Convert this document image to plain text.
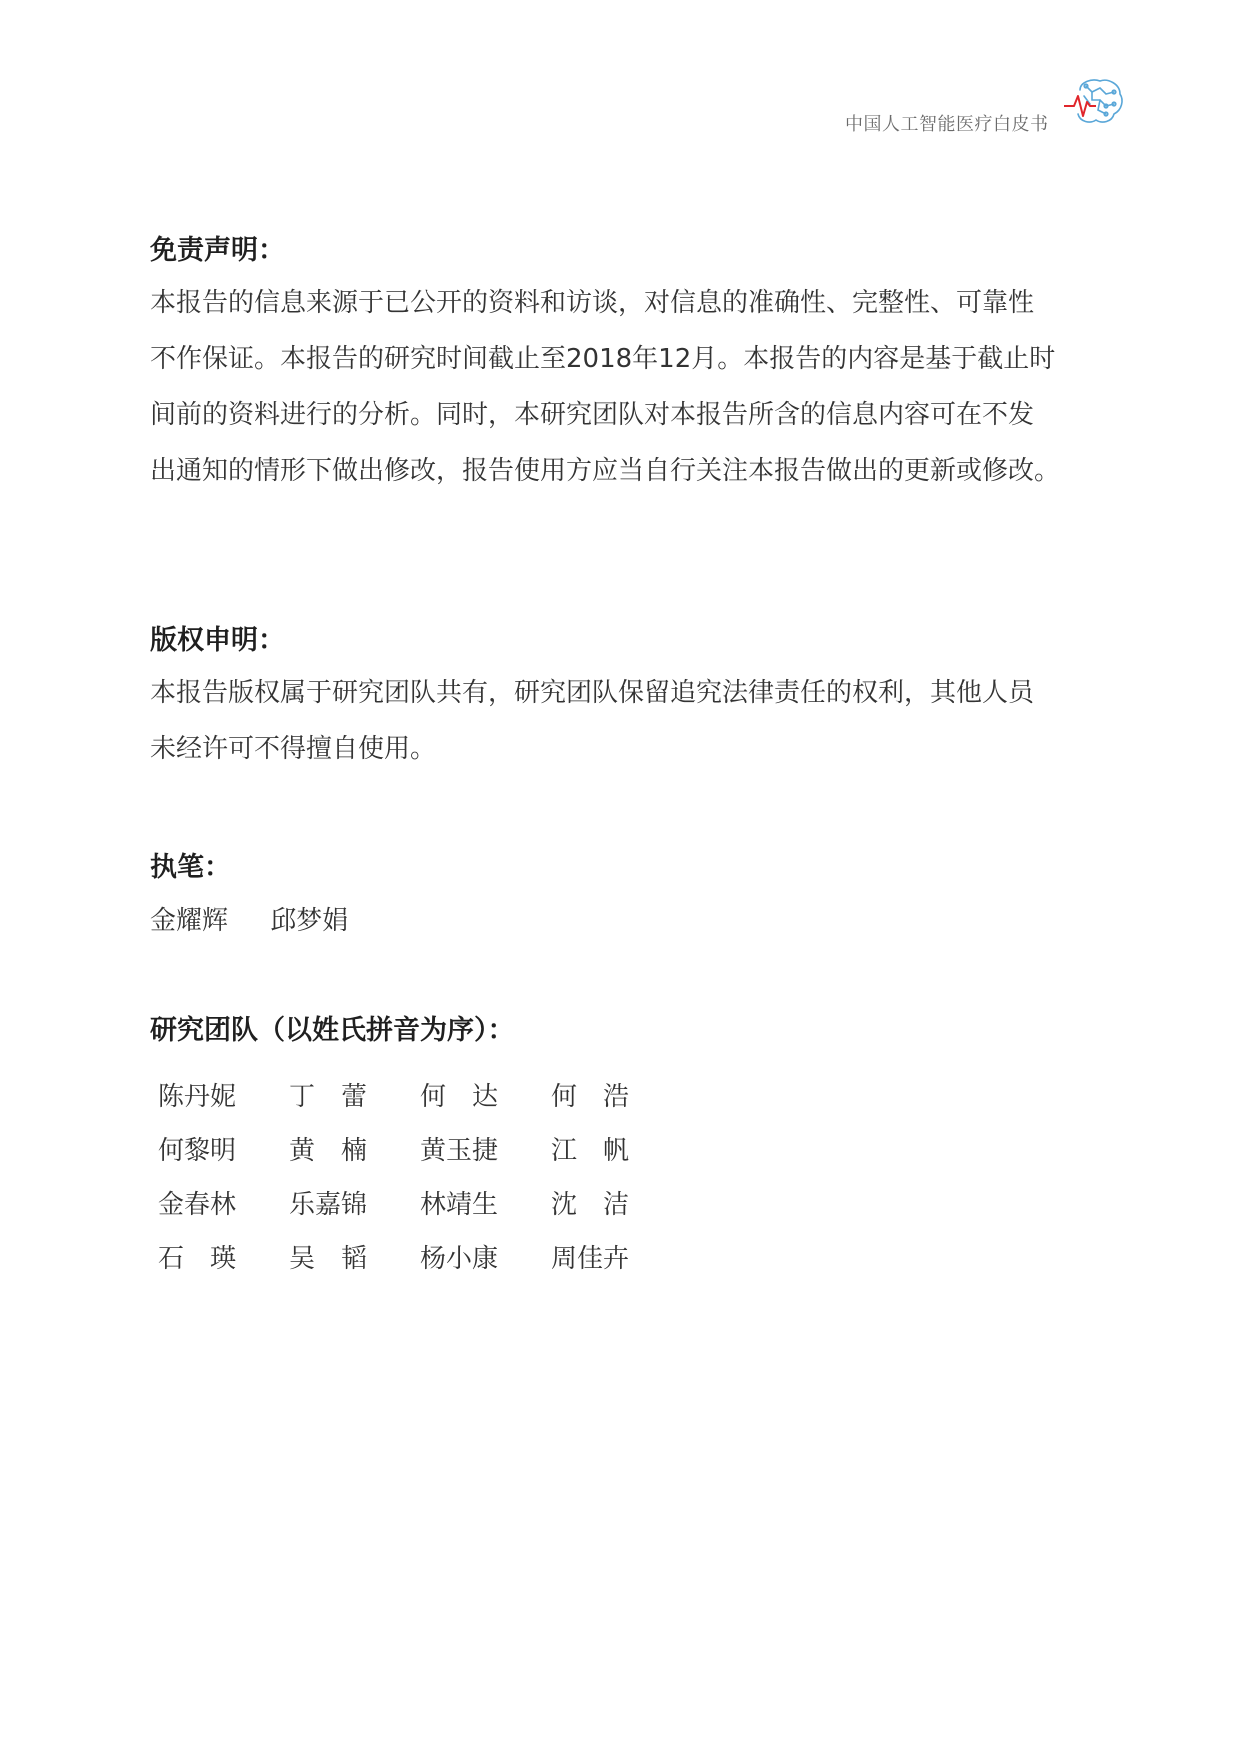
中国人工智能医疗白皮书
免责声明：
本报告的信息来源于已公开的资料和访谈，对信息的准确性、完整性、可靠性
不作保证。本报告的研究时间截止至2018年12月。本报告的内容是基于截止时
间前的资料进行的分析。同时，本研究团队对本报告所含的信息内容可在不发
出通知的情形下做出修改，报告使用方应当自行关注本报告做出的更新或修改。
版权申明：
本报告版权属于研究团队共有，研究团队保留追究法律责任的权利，其他人员
未经许可不得擅自使用。
执笔：
金耀辉 邱梦娟
研究团队（以姓氏拼音为序）：
陈丹妮	丁　蕾	何　达	何　浩
何黎明	黄　楠	黄玉捷	江　帆
金春林	乐嘉锦	林靖生	沈　洁
石　瑛	吴　韬	杨小康	周佳卉
